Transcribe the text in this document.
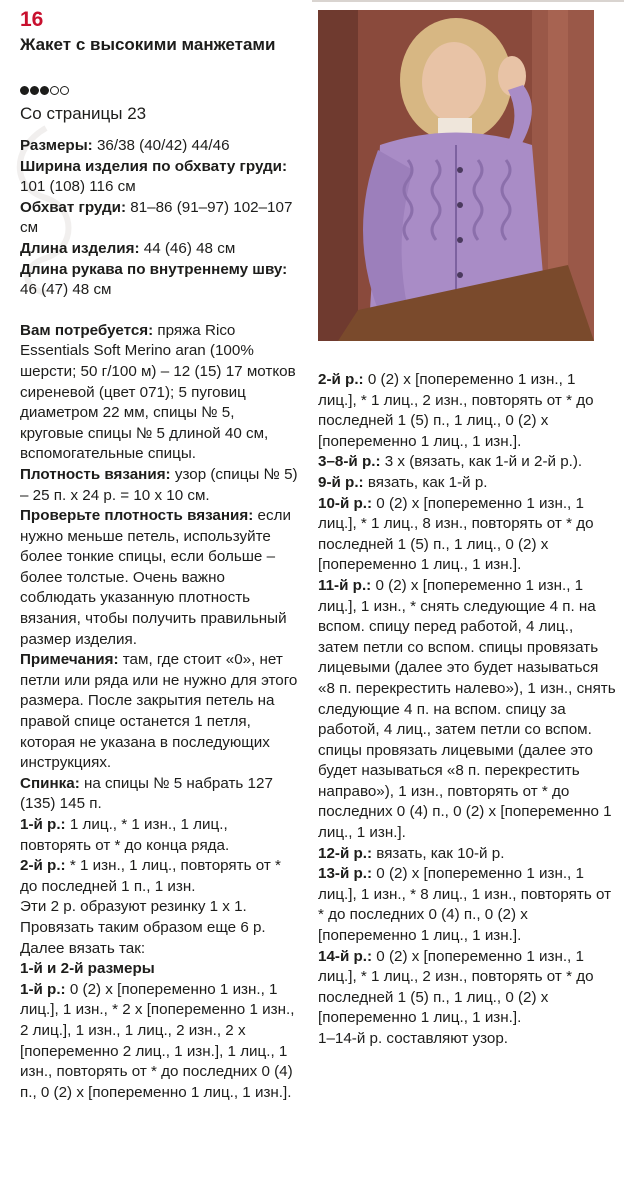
16
Жакет с высокими манжетами
Со страницы 23

Размеры: 36/38 (40/42) 44/46

Ширина изделия по обхвату груди: 101 (108) 116 см

Обхват груди: 81–86 (91–97) 102–107 см

Длина изделия: 44 (46) 48 см

Длина рукава по внутреннему шву: 46 (47) 48 см

Вам потребуется: пряжа Rico Essentials Soft Merino aran (100% шерсти; 50 г/100 м) – 12 (15) 17 мотков сиреневой (цвет 071); 5 пуговиц диаметром 22 мм, спицы № 5, круговые спицы № 5 длиной 40 см, вспомогательные спицы.

Плотность вязания: узор (спицы № 5) – 25 п. х 24 р. = 10 х 10 см.

Проверьте плотность вязания: если нужно меньше петель, используйте более тонкие спицы, если больше – более толстые. Очень важно соблюдать указанную плотность вязания, чтобы получить правильный размер изделия.

Примечания: там, где стоит «0», нет петли или ряда или не нужно для этого размера. После закрытия петель на правой спице останется 1 петля, которая не указана в последующих инструкциях.

Спинка: на спицы № 5 набрать 127 (135) 145 п.

1-й р.: 1 лиц., * 1 изн., 1 лиц., повторять от * до конца ряда.

2-й р.: * 1 изн., 1 лиц., повторять от * до последней 1 п., 1 изн.

Эти 2 р. образуют резинку 1 х 1. Провязать таким образом еще 6 р. Далее вязать так:

1-й и 2-й размеры

1-й р.: 0 (2) х [попеременно 1 изн., 1 лиц.], 1 изн., * 2 х [попеременно 1 изн., 2 лиц.], 1 изн., 1 лиц., 2 изн., 2 х [попеременно 2 лиц., 1 изн.], 1 лиц., 1 изн., повторять от * до последних 0 (4) п., 0 (2) х [попеременно 1 лиц., 1 изн.].

2-й р.: 0 (2) х [попеременно 1 изн., 1 лиц.], * 1 лиц., 2 изн., повторять от * до последней 1 (5) п., 1 лиц., 0 (2) х [попеременно 1 лиц., 1 изн.].

3–8-й р.: 3 х (вязать, как 1-й и 2-й р.).

9-й р.: вязать, как 1-й р.

10-й р.: 0 (2) х [попеременно 1 изн., 1 лиц.], * 1 лиц., 8 изн., повторять от * до последней 1 (5) п., 1 лиц., 0 (2) х [попеременно 1 лиц., 1 изн.].

11-й р.: 0 (2) х [попеременно 1 изн., 1 лиц.], 1 изн., * снять следующие 4 п. на вспом. спицу перед работой, 4 лиц., затем петли со вспом. спицы провязать лицевыми (далее это будет называться «8 п. перекрестить налево»), 1 изн., снять следующие 4 п. на вспом. спицу за работой, 4 лиц., затем петли со вспом. спицы провязать лицевыми (далее это будет называться «8 п. перекрестить направо»), 1 изн., повторять от * до последних 0 (4) п., 0 (2) х [попеременно 1 лиц., 1 изн.].

12-й р.: вязать, как 10-й р.

13-й р.: 0 (2) х [попеременно 1 изн., 1 лиц.], 1 изн., * 8 лиц., 1 изн., повторять от * до последних 0 (4) п., 0 (2) х [попеременно 1 лиц., 1 изн.].

14-й р.: 0 (2) х [попеременно 1 изн., 1 лиц.], * 1 лиц., 2 изн., повторять от * до последней 1 (5) п., 1 лиц., 0 (2) х [попеременно 1 лиц., 1 изн.].

1–14-й р. составляют узор.
